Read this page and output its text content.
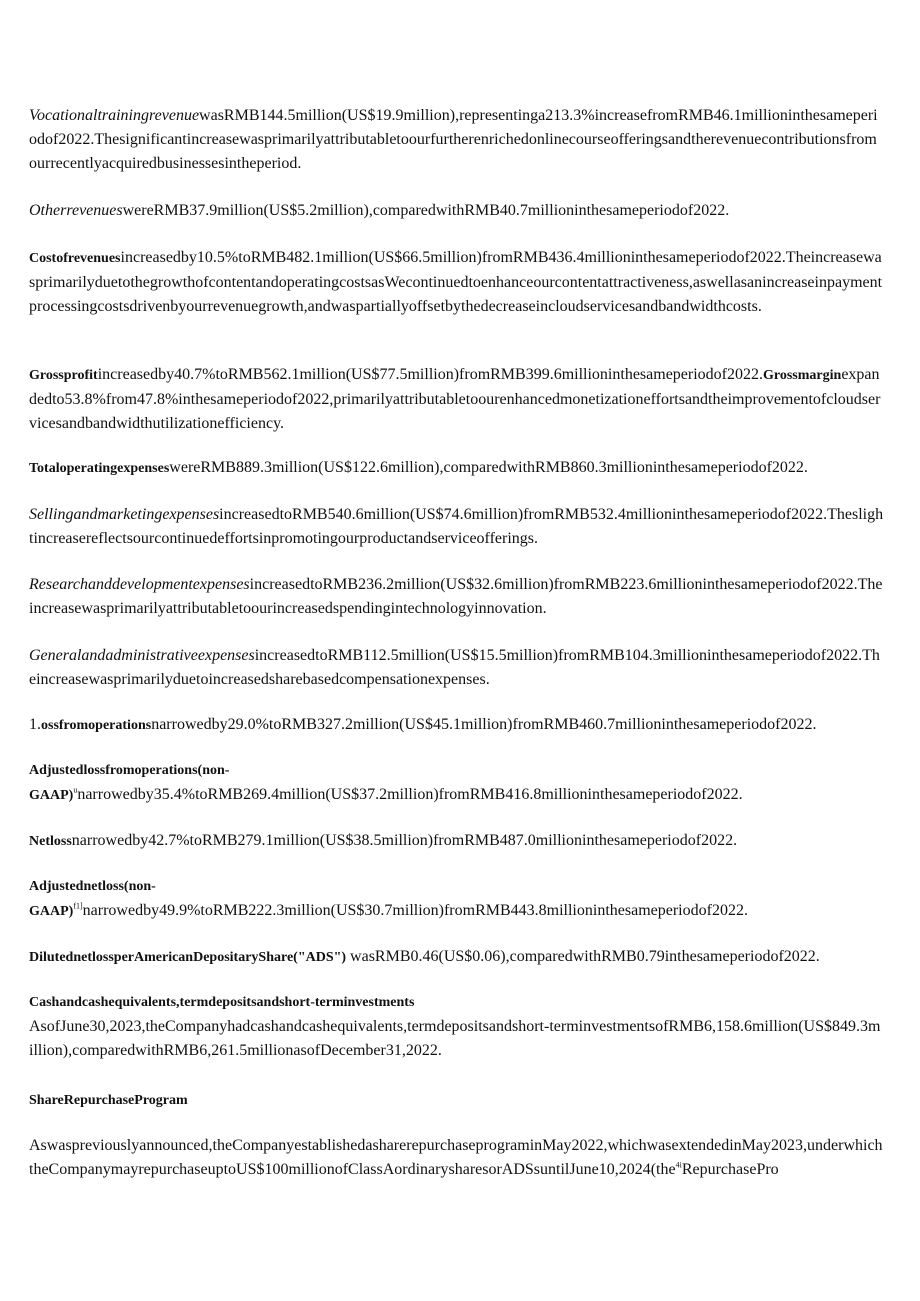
VocationaltrainingrevenuewasRMB144.5million(US$19.9million),representinga213.3%increasefromRMB46.1millioninthesameperiodof2022.Thesignificantincreasewasprimarilyattributabletoourfurtherenrichedonlinecourseofferingsandtherevenuecontributionsfromourrecentlyacquiredbusinessesintheperiod.

OtherrevenueswereRMB37.9million(US$5.2million),comparedwithRMB40.7millioninthesameperiodof2022.

Costofrevenuesincreasedby10.5%toRMB482.1million(US$66.5million)fromRMB436.4millioninthesameperiodof2022.TheincreasewasprimarilyduetothegrowthofcontentandoperatingcostsasWecontinuedtoenhanceourcontentattractiveness,aswellasanincreaseinpaymentprocessingcostsdrivenbyourrevenuegrowth,andwaspartiallyoffsetbythedecreaseincloudservicesandbandwidthcosts.

Grossprofitincreasedby40.7%toRMB562.1million(US$77.5million)fromRMB399.6millioninthesameperiodof2022.Grossmarginexpandedto53.8%from47.8%inthesameperiodof2022,primarilyattributabletoourenhancedmonetizationeffortsandtheimprovementofcloudservicesandbandwidthutilizationefficiency.

TotaloperatingexpenseswereRMB889.3million(US$122.6million),comparedwithRMB860.3millioninthesameperiodof2022.

SellingandmarketingexpensesincreasedtoRMB540.6million(US$74.6million)fromRMB532.4millioninthesameperiodof2022.Theslightincreasereflectsourcontinuedeffortsinpromotingourproductandserviceofferings.

ResearchanddevelopmentexpensesincreasedtoRMB236.2million(US$32.6million)fromRMB223.6millioninthesameperiodof2022.Theincreasewasprimarilyattributabletoourincreasedspendingintechnologyinnovation.

GeneralandadministrativeexpensesincreasedtoRMB112.5million(US$15.5million)fromRMB104.3millioninthesameperiodof2022.Theincreasewasprimarilyduetoincreasedsharebasedcompensationexpenses.

1.ossfromoperationsnarrowedby29.0%toRMB327.2million(US$45.1million)fromRMB460.7millioninthesameperiodof2022.

Adjustedlossfromoperations(non-
GAAP)$^u$narrowedby35.4%toRMB269.4million(US$37.2million)fromRMB416.8millioninthesameperiodof2022.

Netlossnarrowedby42.7%toRMB279.1million(US$38.5million)fromRMB487.0millioninthesameperiodof2022.

Adjustednetloss(non-
GAAP)$^{f1]}$narrowedby49.9%toRMB222.3million(US$30.7million)fromRMB443.8millioninthesameperiodof2022.

DilutednetlossperAmericanDepositaryShare("ADS") wasRMB0.46(US$0.06),comparedwithRMB0.79inthesameperiodof2022.

Cashandcashequivalents,termdepositsandshort-terminvestments
AsofJune30,2023,theCompanyhadcashandcashequivalents,termdepositsandshort-terminvestmentsofRMB6,158.6million(US$849.3million),comparedwithRMB6,261.5millionasofDecember31,2022.

ShareRepurchaseProgram

Aswaspreviouslyannounced,theCompanyestablishedasharerepurchaseprograminMay2022,whichwasextendedinMay2023,underwhichtheCompanymayrepurchaseuptoUS$100millionofClassAordinarysharesorADSsuntilJune10,2024(the$^{4i}$RepurchasePro
